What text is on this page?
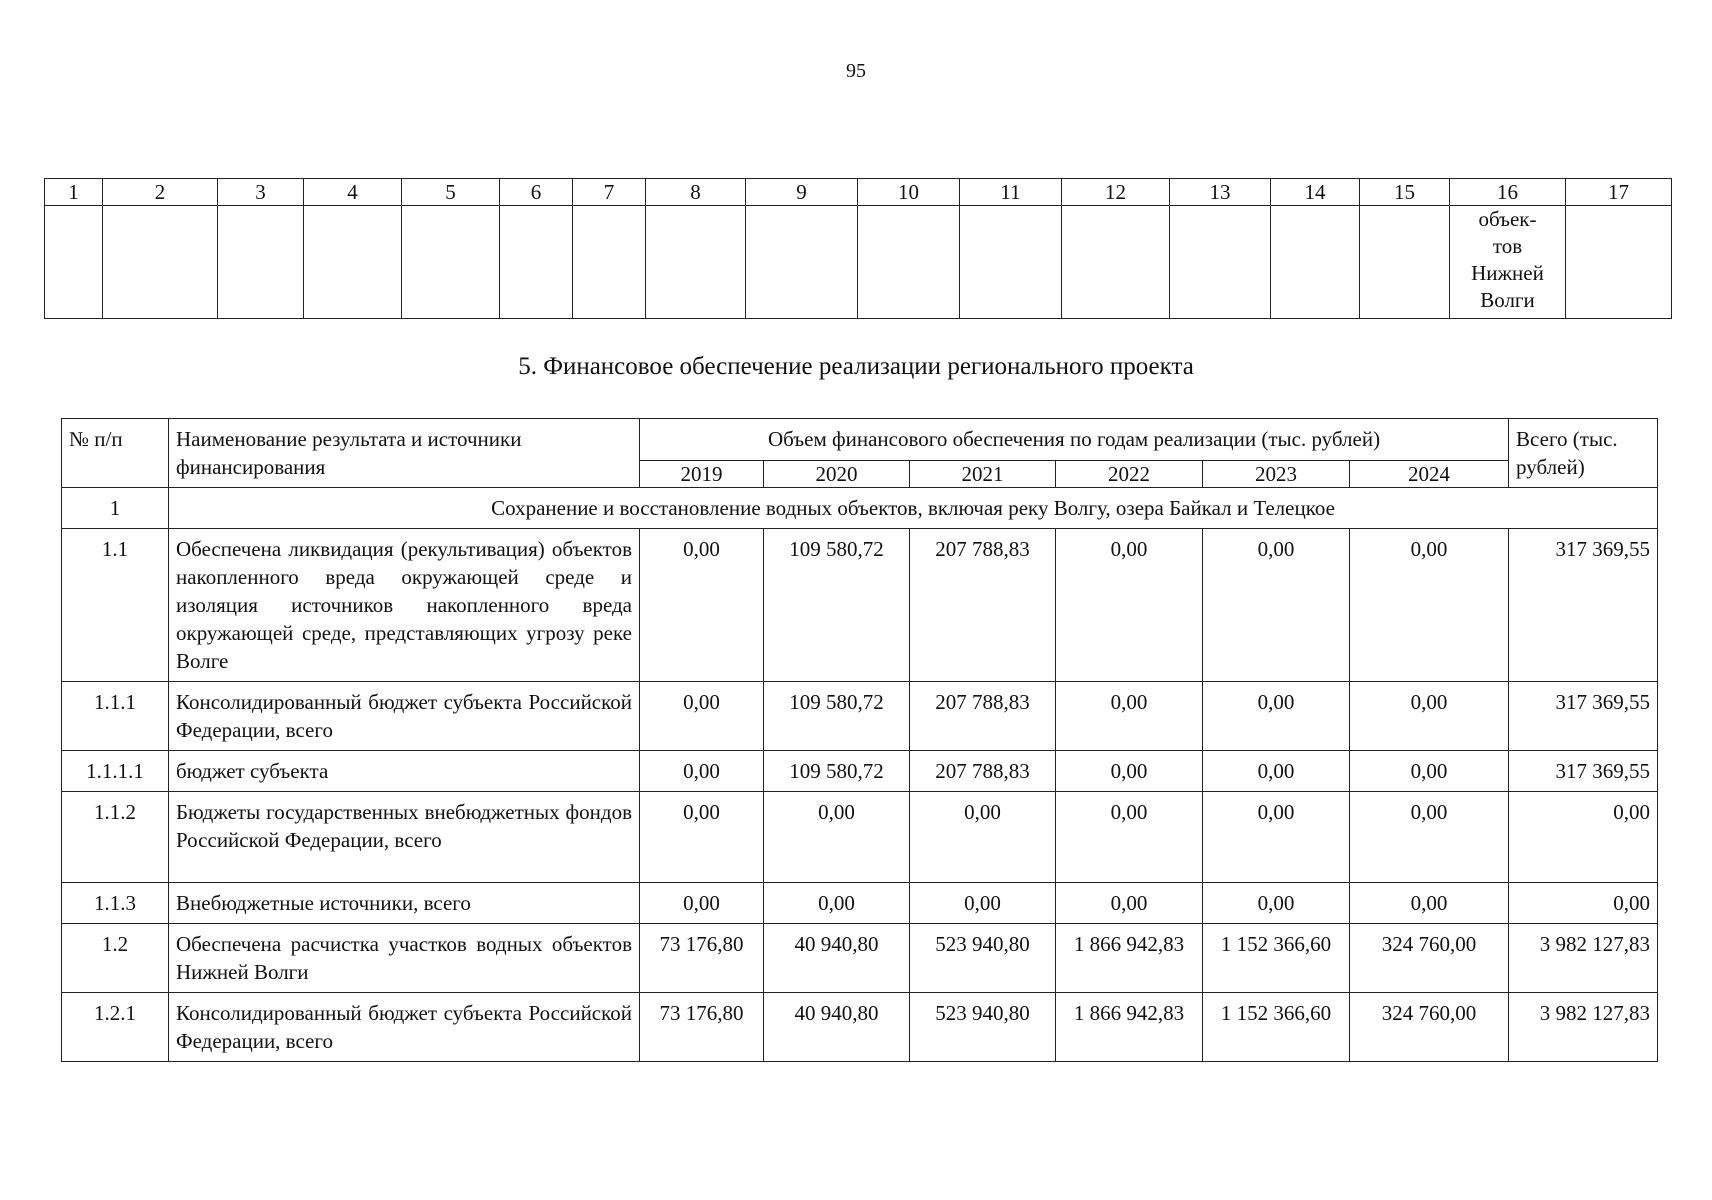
95
1	2	3	4	5	6	7	8	9	10	11	12	13	14	15	16	17

															объек-
тов
Нижней
Волги	

5. Финансовое обеспечение реализации регионального проекта
№ п/п	Наименование результата и источники финансирования	Объем финансового обеспечения по годам реализации (тыс. рублей)						Всего (тыс. рублей)
		2019	2020	2021	2022	2023	2024	
1	Сохранение и восстановление водных объектов, включая реку Волгу, озера Байкал и Телецкое							
1.1	Обеспечена ликвидация (рекультивация) объектов накопленного вреда окружающей среде и изоляция источников накопленного вреда окружающей среде, представляющих угрозу реке Волге	0,00	109 580,72	207 788,83	0,00	0,00	0,00	317 369,55
1.1.1	Консолидированный бюджет субъекта Российской Федерации, всего	0,00	109 580,72	207 788,83	0,00	0,00	0,00	317 369,55
1.1.1.1	бюджет субъекта	0,00	109 580,72	207 788,83	0,00	0,00	0,00	317 369,55
1.1.2	Бюджеты государственных внебюджетных фондов Российской Федерации, всего	0,00	0,00	0,00	0,00	0,00	0,00	0,00
1.1.3	Внебюджетные источники, всего	0,00	0,00	0,00	0,00	0,00	0,00	0,00
1.2	Обеспечена расчистка участков водных объектов Нижней Волги	73 176,80	40 940,80	523 940,80	1 866 942,83	1 152 366,60	324 760,00	3 982 127,83
1.2.1	Консолидированный бюджет субъекта Российской Федерации, всего	73 176,80	40 940,80	523 940,80	1 866 942,83	1 152 366,60	324 760,00	3 982 127,83
